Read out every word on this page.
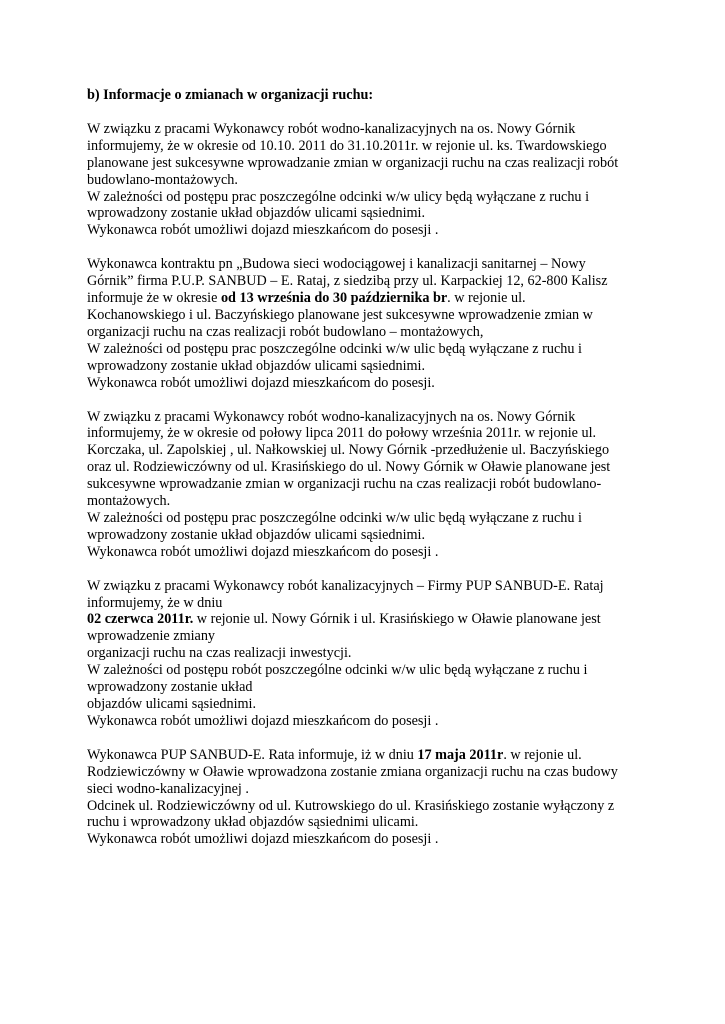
b) Informacje o zmianach w organizacji ruchu:
W związku z pracami Wykonawcy robót wodno-kanalizacyjnych na os. Nowy Górnik
informujemy, że w okresie od 10.10. 2011 do 31.10.2011r. w rejonie ul. ks. Twardowskiego
planowane jest sukcesywne wprowadzanie zmian w organizacji ruchu na czas realizacji robót
budowlano-montażowych.
W zależności od postępu prac poszczególne odcinki w/w ulicy będą wyłączane z ruchu i
wprowadzony zostanie układ objazdów ulicami sąsiednimi.
Wykonawca robót umożliwi dojazd mieszkańcom do posesji .
Wykonawca kontraktu pn „Budowa sieci wodociągowej i kanalizacji sanitarnej – Nowy
Górnik” firma P.U.P. SANBUD – E. Rataj, z siedzibą przy ul. Karpackiej 12, 62-800 Kalisz
informuje że w okresie od 13 września do 30 października br. w rejonie ul.
Kochanowskiego i ul. Baczyńskiego planowane jest sukcesywne wprowadzenie zmian w
organizacji ruchu na czas realizacji robót budowlano – montażowych,
W zależności od postępu prac poszczególne odcinki w/w ulic będą wyłączane z ruchu i
wprowadzony zostanie układ objazdów ulicami sąsiednimi.
Wykonawca robót umożliwi dojazd mieszkańcom do posesji.
W związku z pracami Wykonawcy robót wodno-kanalizacyjnych na os. Nowy Górnik
informujemy, że w okresie od połowy lipca 2011 do połowy września 2011r. w rejonie ul.
Korczaka, ul. Zapolskiej , ul. Nałkowskiej ul. Nowy Górnik -przedłużenie ul. Baczyńskiego
oraz ul. Rodziewiczówny od ul. Krasińskiego do ul. Nowy Górnik w Oławie planowane jest
sukcesywne wprowadzanie zmian w organizacji ruchu na czas realizacji robót budowlano-
montażowych.
W zależności od postępu prac poszczególne odcinki w/w ulic będą wyłączane z ruchu i
wprowadzony zostanie układ objazdów ulicami sąsiednimi.
Wykonawca robót umożliwi dojazd mieszkańcom do posesji .
W związku z pracami Wykonawcy robót kanalizacyjnych – Firmy PUP SANBUD-E. Rataj
informujemy, że w dniu
02 czerwca 2011r. w rejonie ul. Nowy Górnik i ul. Krasińskiego w Oławie planowane jest
wprowadzenie zmiany
organizacji ruchu na czas realizacji inwestycji.
W zależności od postępu robót poszczególne odcinki w/w ulic będą wyłączane z ruchu i
wprowadzony zostanie układ
objazdów ulicami sąsiednimi.
Wykonawca robót umożliwi dojazd mieszkańcom do posesji .
Wykonawca PUP SANBUD-E. Rata informuje, iż w dniu 17 maja 2011r. w rejonie ul.
Rodziewiczówny w Oławie wprowadzona zostanie zmiana organizacji ruchu na czas budowy
sieci wodno-kanalizacyjnej .
Odcinek ul. Rodziewiczówny od ul. Kutrowskiego do ul. Krasińskiego zostanie wyłączony z
ruchu i wprowadzony układ objazdów sąsiednimi ulicami.
Wykonawca robót umożliwi dojazd mieszkańcom do posesji .
